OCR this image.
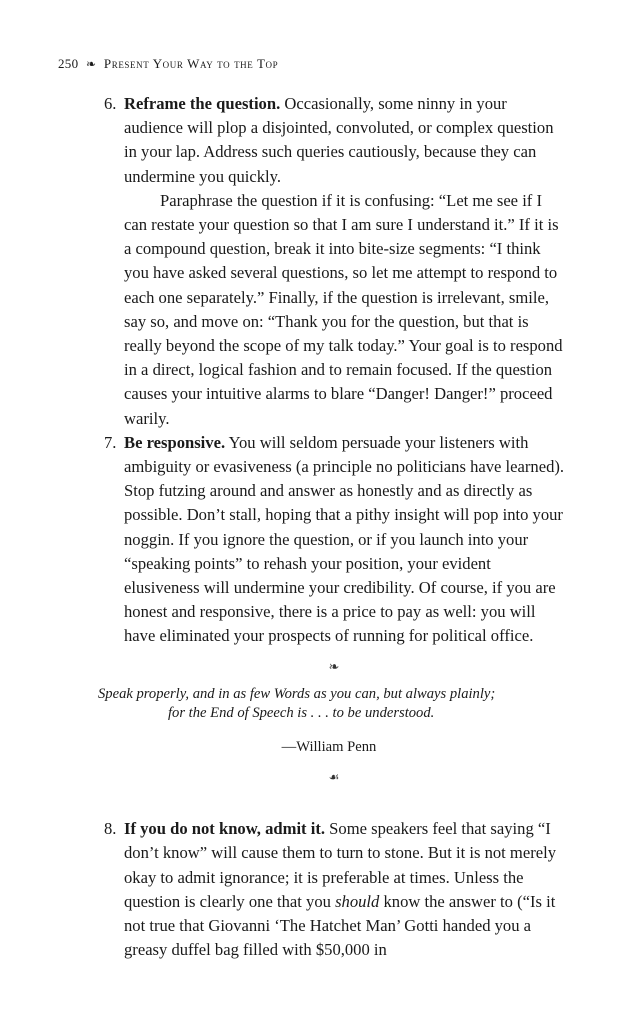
250 ❧ Present Your Way to the Top
6. Reframe the question. Occasionally, some ninny in your audience will plop a disjointed, convoluted, or complex question in your lap. Address such queries cautiously, because they can undermine you quickly.

Paraphrase the question if it is confusing: “Let me see if I can restate your question so that I am sure I understand it.” If it is a compound question, break it into bite-size segments: “I think you have asked several questions, so let me attempt to respond to each one separately.” Finally, if the question is irrelevant, smile, say so, and move on: “Thank you for the question, but that is really beyond the scope of my talk today.” Your goal is to respond in a direct, logical fashion and to remain focused. If the question causes your intuitive alarms to blare “Danger! Danger!” proceed warily.

7. Be responsive. You will seldom persuade your listeners with ambiguity or evasiveness (a principle no politicians have learned). Stop futzing around and answer as honestly and as directly as possible. Don’t stall, hoping that a pithy insight will pop into your noggin. If you ignore the question, or if you launch into your “speaking points” to rehash your position, your evident elusiveness will undermine your credibility. Of course, if you are honest and responsive, there is a price to pay as well: you will have eliminated your prospects of running for political office.

❧
Speak properly, and in as few Words as you can, but always plainly;
for the End of Speech is . . . to be understood.
—William Penn
☙
8. If you do not know, admit it. Some speakers feel that saying “I don’t know” will cause them to turn to stone. But it is not merely okay to admit ignorance; it is preferable at times. Unless the question is clearly one that you should know the answer to (“Is it not true that Giovanni ‘The Hatchet Man’ Gotti handed you a greasy duffel bag filled with $50,000 in
